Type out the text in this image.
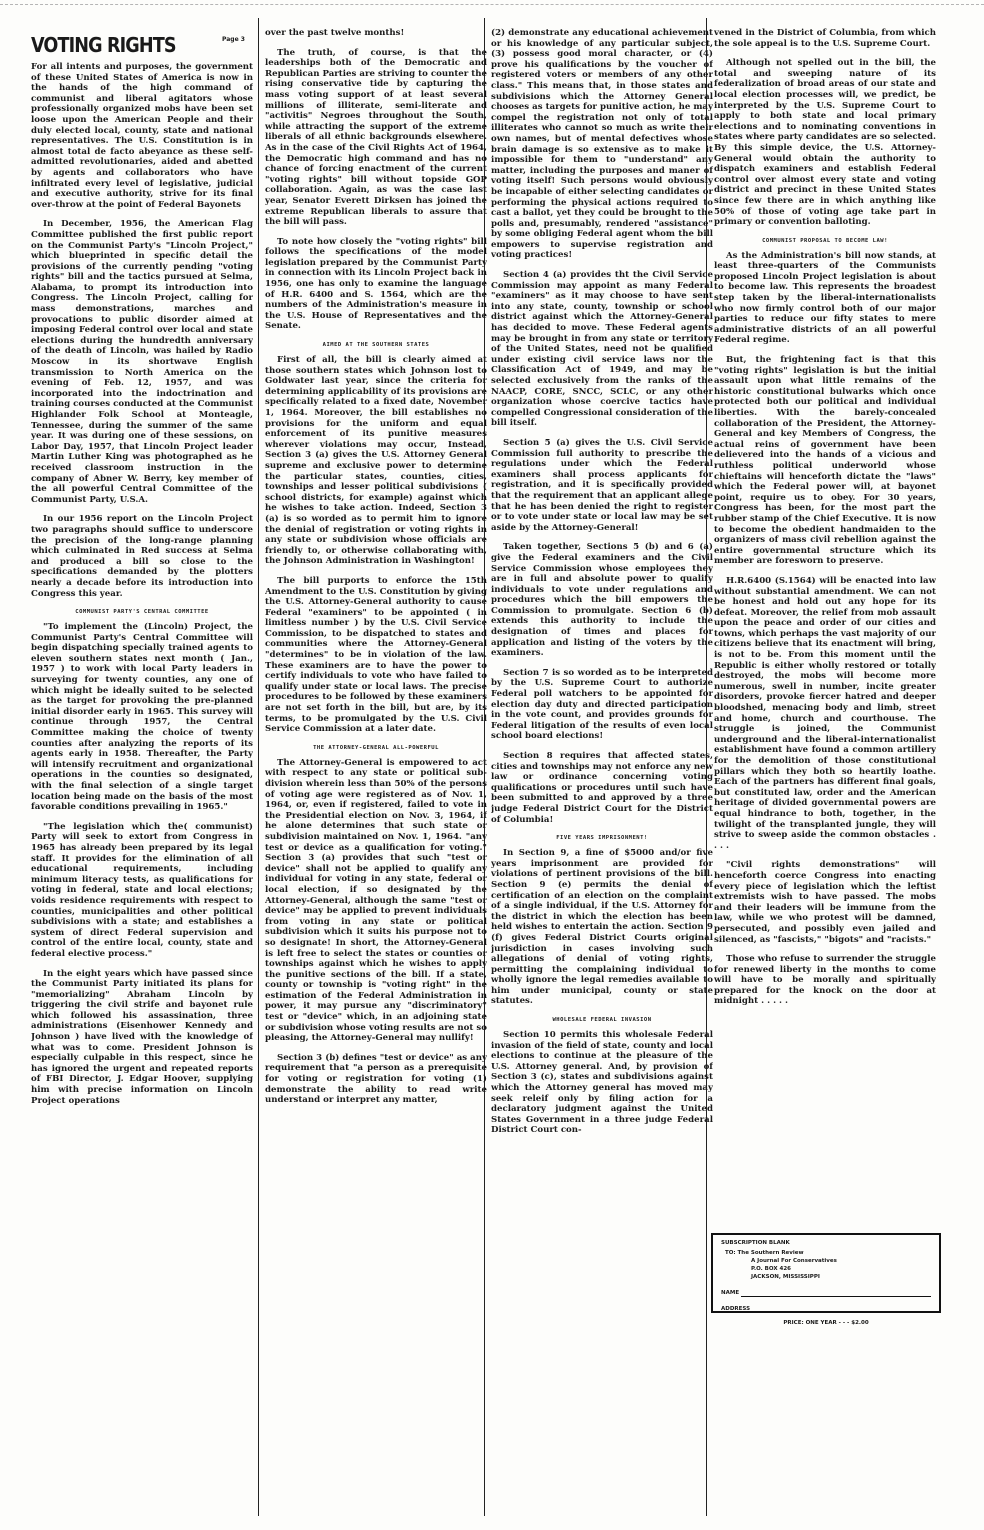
Page 3
VOTING RIGHTS

For all intents and purposes, the government of these United States of America is now in the hands of the high command of communist and liberal agitators whose professionally organized mobs have been set loose upon the American People and their duly elected local, county, state and national representatives. The U.S. Constitution is in almost total de facto abeyance as these self-admitted revolutionaries, aided and abetted by agents and collaborators who have infiltrated every level of legislative, judicial and executive authority, strive for its final over-throw at the point of Federal Bayonets

In December, 1956, the American Flag Committee published the first public report on the Communist Party's "Lincoln Project," which blueprinted in specific detail the provisions of the currently pending "voting rights" bill and the tactics pursued at Selma, Alabama, to prompt its introduction into Congress. The Lincoln Project, calling for mass demonstrations, marches and provocations to public disorder aimed at imposing Federal control over local and state elections during the hundredth anniversary of the death of Lincoln, was hailed by Radio Moscow in its shortwave English transmission to North America on the evening of Feb. 12, 1957, and was incorporated into the indoctrination and training courses conducted at the Communist Highlander Folk School at Monteagle, Tennessee, during the summer of the same year. It was during one of these sessions, on Labor Day, 1957, that Lincoln Project leader Martin Luther King was photographed as he received classroom instruction in the company of Abner W. Berry, key member of the all powerful Central Committee of the Communist Party, U.S.A.

In our 1956 report on the Lincoln Project two paragraphs should suffice to underscore the precision of the long-range planning which culminated in Red success at Selma and produced a bill so close to the specifications demanded by the plotters nearly a decade before its introduction into Congress this year.

COMMUNIST PARTY'S CENTRAL COMMITTEE

"To implement the (Lincoln) Project, the Communist Party's Central Committee will begin dispatching specially trained agents to eleven southern states next month ( Jan., 1957 ) to work with local Party leaders in surveying for twenty counties, any one of which might be ideally suited to be selected as the target for provoking the pre-planned initial disorder early in 1965. This survey will continue through 1957, the Central Committee making the choice of twenty counties after analyzing the reports of its agents early in 1958. Thereafter, the Party will intensify recruitment and organizational operations in the counties so designated, with the final selection of a single target location being made on the basis of the most favorable conditions prevailing in 1965."

"The legislation which the( communist) Party will seek to extort from Congress in 1965 has already been prepared by its legal staff. It provides for the elimination of all educational requirements, including minimum literacy tests, as qualifications for voting in federal, state and local elections; voids residence requirements with respect to counties, municipalities and other political subdivisions with a state; and establishes a system of direct Federal supervision and control of the entire local, county, state and federal elective process."

In the eight years which have passed since the Communist Party initiated its plans for "memorializing" Abraham Lincoln by triggering the civil strife and bayonet rule which followed his assassination, three administrations (Eisenhower Kennedy and Johnson ) have lived with the knowledge of what was to come. President Johnson is especially culpable in this respect, since he has ignored the urgent and repeated reports of FBI Director, J. Edgar Hoover, supplying him with precise information on Lincoln Project operations

over the past twelve months!

The truth, of course, is that the leaderships both of the Democratic and Republican Parties are striving to counter the rising conservative tide by capturing the mass voting support of at least several millions of illiterate, semi-literate and "activitis" Negroes throughout the South, while attracting the support of the extreme liberals of all ethnic backgrounds elsewhere. As in the case of the Civil Rights Act of 1964, the Democratic high command and has no chance of forcing enactment of the current "voting rights" bill without topside GOP collaboration. Again, as was the case last year, Senator Everett Dirksen has joined the extreme Republican liberals to assure that the bill will pass.

To note how closely the "voting rights" bill follows the specifications of the model legislation prepared by the Communist Party in connection with its Lincoln Project back in 1956, one has only to examine the language of H.R. 6400 and S. 1564, which are the numbers of the Administration's measure in the U.S. House of Representatives and the Senate.

AIMED AT THE SOUTHERN STATES

First of all, the bill is clearly aimed at those southern states which Johnson lost to Goldwater last year, since the criteria for determining applicability of its provisions are specifically related to a fixed date, November 1, 1964. Moreover, the bill establishes no provisions for the uniform and equal enforcement of its punitive measures wherever violations may occur, Instead, Section 3 (a) gives the U.S. Attorney General supreme and exclusive power to determine the particular states, counties, cities, townships and lesser political subdivisions ( school districts, for example) against which he wishes to take action. Indeed, Section 3 (a) is so worded as to permit him to ignore the denial of registration or voting rights in any state or subdivision whose officials are friendly to, or otherwise collaborating with, the Johnson Administration in Washington!

The bill purports to enforce the 15th Amendment to the U.S. Constitution by giving the U.S. Attorney-General authority to cause Federal "examiners" to be appointed ( in limitless number ) by the U.S. Civil Service Commission, to be dispatched to states and communities where the Attorney-General "determines" to be in violation of the law. These examiners are to have the power to certify individuals to vote who have failed to qualify under state or local laws. The precise procedures to be followed by these examiners are not set forth in the bill, but are, by its terms, to be promulgated by the U.S. Civil Service Commission at a later date.

THE ATTORNEY-GENERAL ALL-POWERFUL

The Attorney-General is empowered to act with respect to any state or political sub-division wherein less than 50% of the persons of voting age were registered as of Nov. 1, 1964, or, even if registered, failed to vote in the Presidential election on Nov. 3, 1964, if he alone determines that such state or subdivision maintained on Nov. 1, 1964. "any test or device as a qualification for voting." Section 3 (a) provides that such "test or device" shall not be applied to qualify any individual for voting in any state, federal or local election, if so designated by the Attorney-General, although the same "test or device" may be applied to prevent individuals from voting in any state or political subdivision which it suits his purpose not to so designate! In short, the Attorney-General is left free to select the states or counties or townships against which he wishes to apply the punitive sections of the bill. If a state, county or township is "voting right" in the estimation of the Federal Administration in power, it may pursue any "discriminatory" test or "device" which, in an adjoining state or subdivision whose voting results are not so pleasing, the Attorney-General may nullify!

Section 3 (b) defines "test or device" as any requirement that "a person as a prerequisite for voting or registration for voting (1) demonstrate the ability to read write understand or interpret any matter,

(2) demonstrate any educational achievement or his knowledge of any particular subject, (3) possess good moral character, or (4) prove his qualifications by the voucher of registered voters or members of any other class." This means that, in those states and subdivisions which the Attorney General chooses as targets for punitive action, he may compel the registration not only of total illiterates who cannot so much as write their own names, but of mental defectives whose brain damage is so extensive as to make it impossible for them to "understand" any matter, including the purposes and maner of voting itself! Such persons would obviously be incapable of either selecting candidates or performing the physical actions required to cast a ballot, yet they could be brought to the polls and, presumably, rendered "assistance" by some obliging Federal agent whom the bill empowers to supervise registration and voting practices!

Section 4 (a) provides tht the Civil Service Commission may appoint as many Federal "examiners" as it may choose to have sent into any state, county, township or school district against which the Attorney-General has decided to move. These Federal agents may be brought in from any state or territory of the United States, need not be qualified under existing civil service laws nor the Classification Act of 1949, and may be selected exclusively from the ranks of the NAACP, CORE, SNCC, SCLC, or any other organization whose coercive tactics have compelled Congressional consideration of the bill itself.

Section 5 (a) gives the U.S. Civil Service Commission full authority to prescribe the regulations under which the Federal examiners shall process applicants for registration, and it is specifically provided that the requirement that an applicant allege that he has been denied the right to register or to vote under state or local law may be set aside by the Attorney-General!

Taken together, Sections 5 (b) and 6 (a) give the Federal examiners and the Civil Service Commission whose employees they are in full and absolute power to qualify individuals to vote under regulations and procedures which the bill empowers the Commission to promulgate. Section 6 (b) extends this authority to include the designation of times and places for application and listing of the voters by the examiners.

Section 7 is so worded as to be interpreted by the U.S. Supreme Court to authorize Federal poll watchers to be appointed for election day duty and directed participation in the vote count, and provides grounds for Federal litigation of the results of even local school board elections!

Section 8 requires that affected states, cities and townships may not enforce any new law or ordinance concerning voting qualifications or procedures until such have been submitted to and approved by a three judge Federal District Court for the District of Columbia!

FIVE YEARS IMPRISONMENT!

In Section 9, a fine of $5000 and/or five years imprisonment are provided for violations of pertinent provisions of the bill. Section 9 (e) permits the denial of certification of an election on the complaint of a single individual, if the U.S. Attorney for the district in which the election has been held wishes to entertain the action. Section 9 (f) gives Federal District Courts original jurisdiction in cases involving such allegations of denial of voting rights, permitting the complaining individual to wholly ignore the legal remedies available to him under municipal, county or state statutes.

WHOLESALE FEDERAL INVASION

Section 10 permits this wholesale Federal invasion of the field of state, county and local elections to continue at the pleasure of the U.S. Attorney general. And, by provision of Section 3 (c), states and subdivisions against which the Attorney general has moved may seek releif only by filing action for a declaratory judgment against the United States Government in a three judge Federal District Court con-

vened in the District of Columbia, from which the sole appeal is to the U.S. Supreme Court.

Although not spelled out in the bill, the total and sweeping nature of its federalization of broad areas of our state and local election processes will, we predict, be interpreted by the U.S. Supreme Court to apply to both state and local primary elections and to nominating conventions in states where party candidates are so selected. By this simple device, the U.S. Attorney-General would obtain the authority to dispatch examiners and establish Federal control over almost every state and voting district and precinct in these United States since few there are in which anything like 50% of those of voting age take part in primary or convention balloting.

COMMUNIST PROPOSAL TO BECOME LAW!

As the Administration's bill now stands, at least three-quarters of the Communists proposed Lincoln Project legislation is about to become law. This represents the broadest step taken by the liberal-internationalists who now firmly control both of our major parties to reduce our fifty states to mere administrative districts of an all powerful Federal regime.

But, the frightening fact is that this "voting rights" legislation is but the initial assault upon what little remains of the historic constitutional bulwarks which once protected both our political and individual liberties. With the barely-concealed collaboration of the President, the Attorney-General and key Members of Congress, the actual reins of government have been delievered into the hands of a vicious and ruthless political underworld whose chieftains will henceforth dictate the "laws" which the Federal power will, at bayonet point, require us to obey. For 30 years, Congress has been, for the most part the rubber stamp of the Chief Executive. It is now to become the obedient handmaiden to the organizers of mass civil rebellion against the entire governmental structure which its member are foresworn to preserve.

H.R.6400 (S.1564) will be enacted into law without substantial amendment. We can not be honest and hold out any hope for its defeat. Moreover, the relief from mob assault upon the peace and order of our cities and towns, which perhaps the vast majority of our citizens believe that its enactment will bring, is not to be. From this moment until the Republic is either wholly restored or totally destroyed, the mobs will become more numerous, swell in number, incite greater disorders, provoke fiercer hatred and deeper bloodshed, menacing body and limb, street and home, church and courthouse. The struggle is joined, the Communist underground and the liberal-internationalist establishment have found a common artillery for the demolition of those constitutional pillars which they both so heartily loathe. Each of the partners has different final goals, but constituted law, order and the American heritage of divided governmental powers are equal hindrance to both, together, in the twilight of the transplanted jungle, they will strive to sweep aside the common obstacles . . . .

"Civil rights demonstrations" will henceforth coerce Congress into enacting every piece of legislation which the leftist extremists wish to have passed. The mobs and their leaders will be immune from the law, while we who protest will be damned, persecuted, and possibly even jailed and silenced, as "fascists," "bigots" and "racists."

Those who refuse to surrender the struggle for renewed liberty in the months to come will have to be morally and spiritually prepared for the knock on the door at midnight . . . . .

SUBSCRIPTION BLANK
TO: The Southern Review
A Journal For Conservatives
P.O. BOX 426
JACKSON, MISSISSIPPI
NAME
ADDRESS
PRICE: ONE YEAR - - - $2.00
